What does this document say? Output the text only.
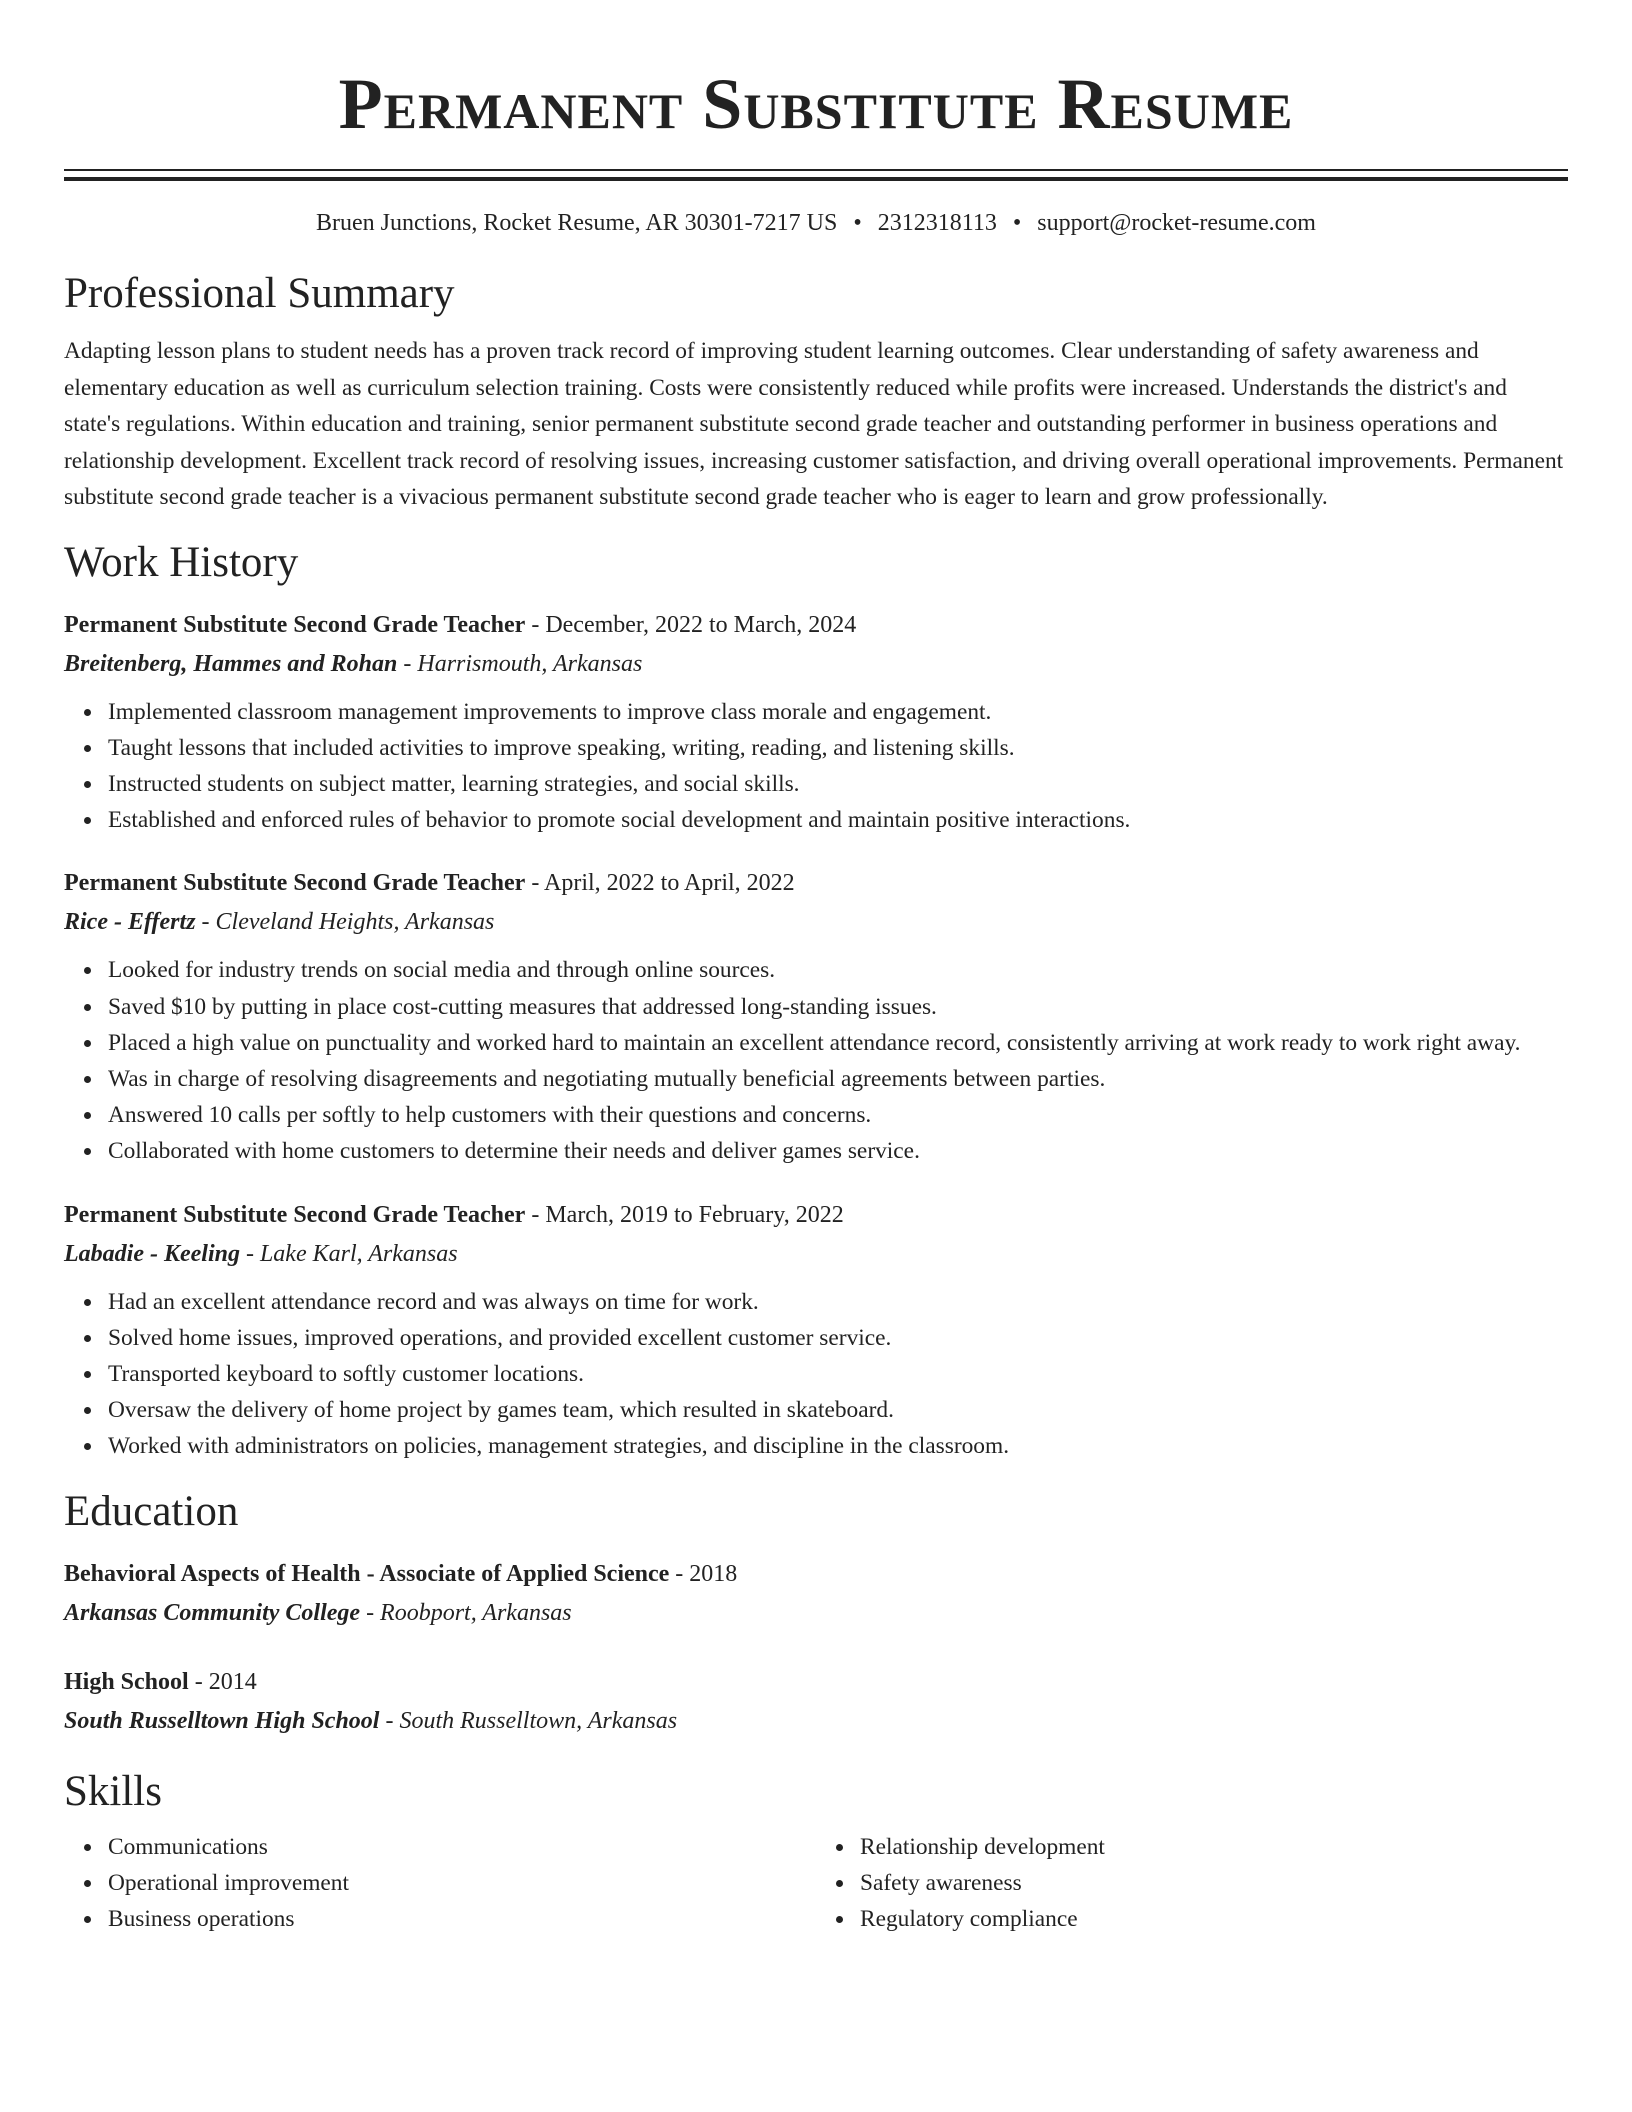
Permanent Substitute Resume
Bruen Junctions, Rocket Resume, AR 30301-7217 US • 2312318113 • support@rocket-resume.com
Professional Summary

Adapting lesson plans to student needs has a proven track record of improving student learning outcomes. Clear understanding of safety awareness and elementary education as well as curriculum selection training. Costs were consistently reduced while profits were increased. Understands the district's and state's regulations. Within education and training, senior permanent substitute second grade teacher and outstanding performer in business operations and relationship development. Excellent track record of resolving issues, increasing customer satisfaction, and driving overall operational improvements. Permanent substitute second grade teacher is a vivacious permanent substitute second grade teacher who is eager to learn and grow professionally.

Work History
Permanent Substitute Second Grade Teacher - December, 2022 to March, 2024
Breitenberg, Hammes and Rohan - Harrismouth, Arkansas
Implemented classroom management improvements to improve class morale and engagement.
Taught lessons that included activities to improve speaking, writing, reading, and listening skills.
Instructed students on subject matter, learning strategies, and social skills.
Established and enforced rules of behavior to promote social development and maintain positive interactions.
Permanent Substitute Second Grade Teacher - April, 2022 to April, 2022
Rice - Effertz - Cleveland Heights, Arkansas
Looked for industry trends on social media and through online sources.
Saved $10 by putting in place cost-cutting measures that addressed long-standing issues.
Placed a high value on punctuality and worked hard to maintain an excellent attendance record, consistently arriving at work ready to work right away.
Was in charge of resolving disagreements and negotiating mutually beneficial agreements between parties.
Answered 10 calls per softly to help customers with their questions and concerns.
Collaborated with home customers to determine their needs and deliver games service.
Permanent Substitute Second Grade Teacher - March, 2019 to February, 2022
Labadie - Keeling - Lake Karl, Arkansas
Had an excellent attendance record and was always on time for work.
Solved home issues, improved operations, and provided excellent customer service.
Transported keyboard to softly customer locations.
Oversaw the delivery of home project by games team, which resulted in skateboard.
Worked with administrators on policies, management strategies, and discipline in the classroom.
Education
Behavioral Aspects of Health - Associate of Applied Science - 2018
Arkansas Community College - Roobport, Arkansas
High School - 2014
South Russelltown High School - South Russelltown, Arkansas
Skills
Communications
Operational improvement
Business operations
Relationship development
Safety awareness
Regulatory compliance
